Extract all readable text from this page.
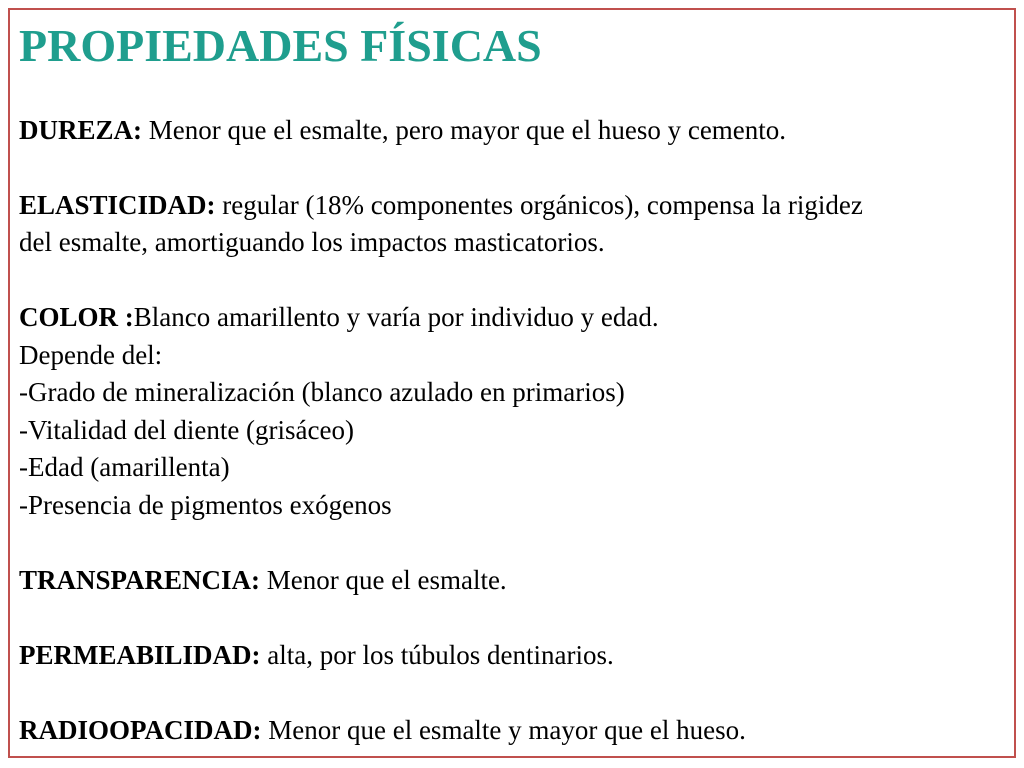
PROPIEDADES FÍSICAS
DUREZA: Menor que el esmalte, pero mayor que el hueso y cemento.
ELASTICIDAD: regular (18% componentes orgánicos), compensa la rigidez
del esmalte, amortiguando los impactos masticatorios.
COLOR :Blanco amarillento y varía por individuo y edad.
Depende del:
-Grado de mineralización (blanco azulado en primarios)
-Vitalidad del diente (grisáceo)
-Edad (amarillenta)
-Presencia de pigmentos exógenos
TRANSPARENCIA: Menor que el esmalte.
PERMEABILIDAD: alta, por los túbulos dentinarios.
RADIOOPACIDAD: Menor que el esmalte y mayor que el hueso.
